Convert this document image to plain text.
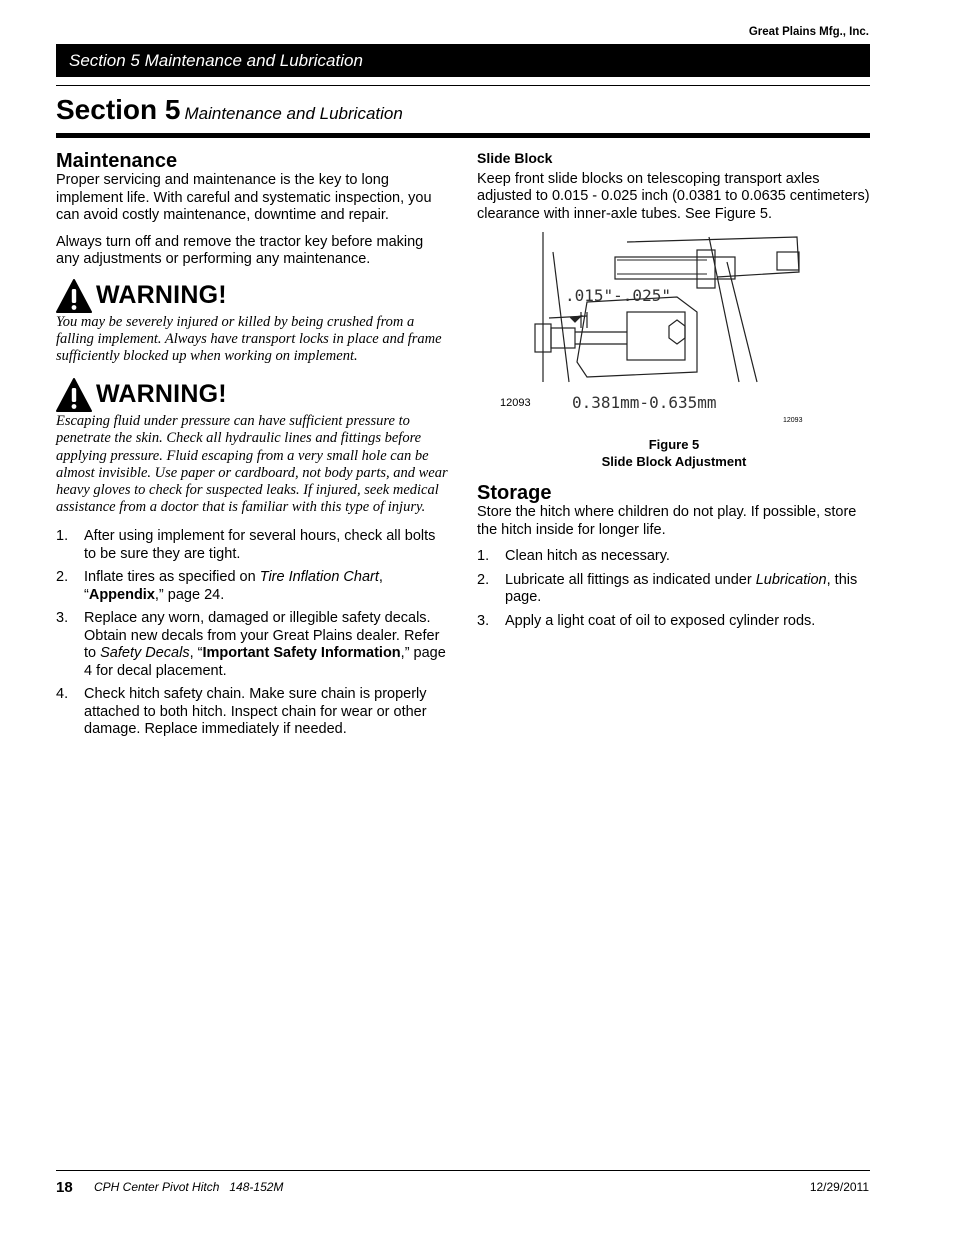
Great Plains Mfg., Inc.
Section 5 Maintenance and Lubrication
Section 5 Maintenance and Lubrication
Maintenance

Proper servicing and maintenance is the key to long implement life. With careful and systematic inspection, you can avoid costly maintenance, downtime and repair.

Always turn off and remove the tractor key before making any adjustments or performing any maintenance.

WARNING!
You may be severely injured or killed by being crushed from a falling implement. Always have transport locks in place and frame sufficiently blocked up when working on implement.
WARNING!
Escaping fluid under pressure can have sufficient pressure to penetrate the skin. Check all hydraulic lines and fittings before applying pressure. Fluid escaping from a very small hole can be almost invisible. Use paper or cardboard, not body parts, and wear heavy gloves to check for suspected leaks. If injured, seek medical assistance from a doctor that is familiar with this type of injury.
1.	After using implement for several hours, check all bolts to be sure they are tight.
2.	Inflate tires as specified on Tire Inflation Chart, “Appendix,” page 24.
3.	Replace any worn, damaged or illegible safety decals. Obtain new decals from your Great Plains dealer. Refer to Safety Decals, “Important Safety Information,” page 4 for decal placement.
4.	Check hitch safety chain. Make sure chain is properly attached to both hitch. Inspect chain for wear or other damage. Replace immediately if needed.
Slide Block

Keep front slide blocks on telescoping transport axles adjusted to 0.015 - 0.025 inch (0.0381 to 0.0635 centimeters) clearance with inner-axle tubes. See Figure 5.

.015"-.025"
12093	0.381mm-0.635mm
12093
Figure 5
Slide Block Adjustment
Storage

Store the hitch where children do not play. If possible, store the hitch inside for longer life.

1.	Clean hitch as necessary.
2.	Lubricate all fittings as indicated under Lubrication, this page.
3.	Apply a light coat of oil to exposed cylinder rods.
18 CPH Center Pivot Hitch   148-152M	12/29/2011
